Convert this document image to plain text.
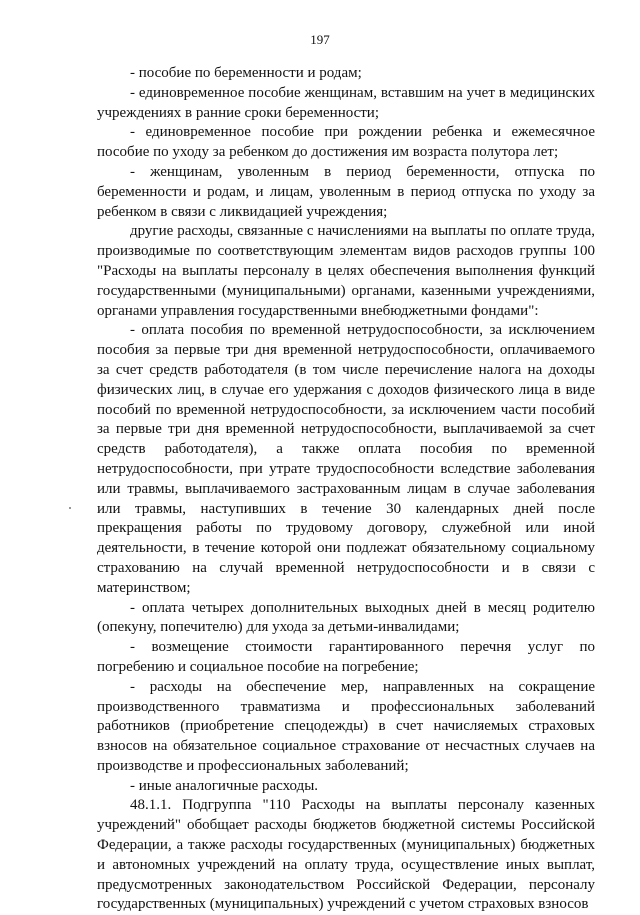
197

- пособие по беременности и родам;

- единовременное пособие женщинам, вставшим на учет в медицинских учреждениях в ранние сроки беременности;

- единовременное пособие при рождении ребенка и ежемесячное пособие по уходу за ребенком до достижения им возраста полутора лет;

- женщинам, уволенным в период беременности, отпуска по беременности и родам, и лицам, уволенным в период отпуска по уходу за ребенком в связи с ликвидацией учреждения;

другие расходы, связанные с начислениями на выплаты по оплате труда, производимые по соответствующим элементам видов расходов группы 100 "Расходы на выплаты персоналу в целях обеспечения выполнения функций государственными (муниципальными) органами, казенными учреждениями, органами управления государственными внебюджетными фондами":

- оплата пособия по временной нетрудоспособности, за исключением пособия за первые три дня временной нетрудоспособности, оплачиваемого за счет средств работодателя (в том числе перечисление налога на доходы физических лиц, в случае его удержания с доходов физического лица в виде пособий по временной нетрудоспособности, за исключением части пособий за первые три дня временной нетрудоспособности, выплачиваемой за счет средств работодателя), а также оплата пособия по временной нетрудоспособности, при утрате трудоспособности вследствие заболевания или травмы, выплачиваемого застрахованным лицам в случае заболевания или травмы, наступивших в течение 30 календарных дней после прекращения работы по трудовому договору, служебной или иной деятельности, в течение которой они подлежат обязательному социальному страхованию на случай временной нетрудоспособности и в связи с материнством;

- оплата четырех дополнительных выходных дней в месяц родителю (опекуну, попечителю) для ухода за детьми-инвалидами;

- возмещение стоимости гарантированного перечня услуг по погребению и социальное пособие на погребение;

- расходы на обеспечение мер, направленных на сокращение производственного травматизма и профессиональных заболеваний работников (приобретение спецодежды) в счет начисляемых страховых взносов на обязательное социальное страхование от несчастных случаев на производстве и профессиональных заболеваний;

- иные аналогичные расходы.

48.1.1. Подгруппа "110 Расходы на выплаты персоналу казенных учреждений" обобщает расходы бюджетов бюджетной системы Российской Федерации, а также расходы государственных (муниципальных) бюджетных и автономных учреждений на оплату труда, осуществление иных выплат, предусмотренных законодательством Российской Федерации, персоналу государственных (муниципальных) учреждений с учетом страховых взносов
